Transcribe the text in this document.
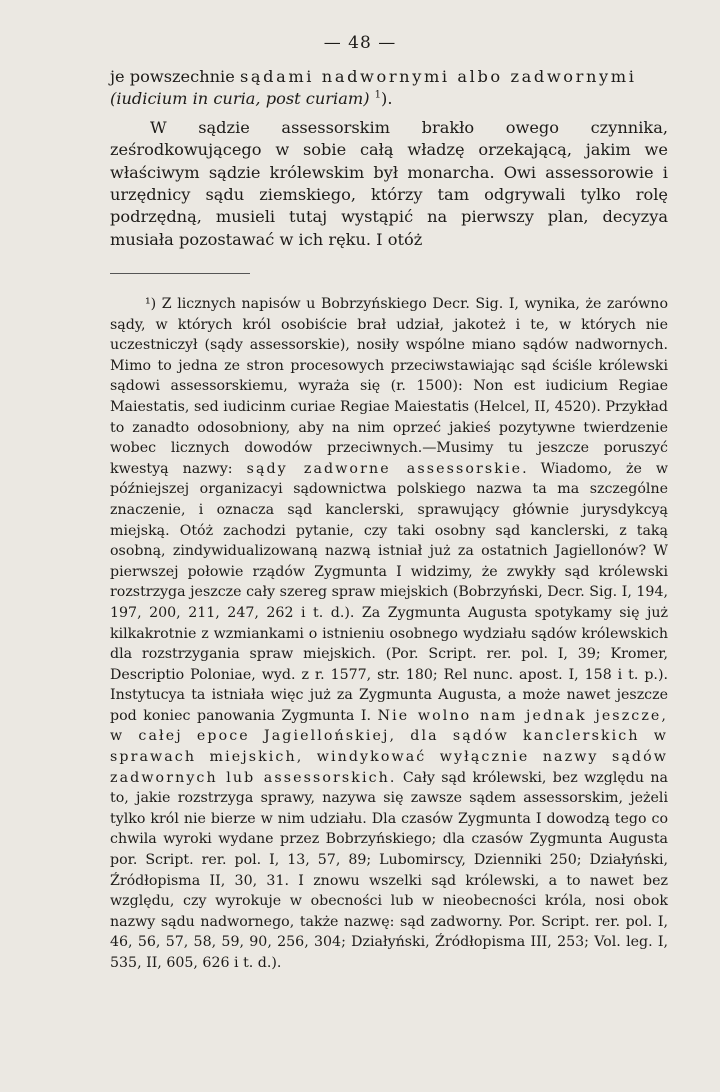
— 48 —

je powszechnie sądami nadwornymi albo zadwornymi
(iudicium in curia, post curiam) $^1$).

W sądzie assessorskim brakło owego czynnika, ześrodkowującego w sobie całą władzę orzekającą, jakim we właściwym sądzie królewskim był monarcha. Owi assessorowie i urzędnicy sądu ziemskiego, którzy tam odgrywali tylko rolę podrzędną, musieli tutaj wystąpić na pierwszy plan, decyzya musiała pozostawać w ich ręku. I otóż

¹) Z licznych napisów u Bobrzyńskiego Decr. Sig. I, wynika, że zarówno sądy, w których król osobiście brał udział, jakoteż i te, w których nie uczestniczył (sądy assessorskie), nosiły wspólne miano sądów nadwornych. Mimo to jedna ze stron procesowych przeciwstawiając sąd ściśle królewski sądowi assessorskiemu, wyraża się (r. 1500): Non est iudicium Regiae Maiestatis, sed iudicinm curiae Regiae Maiestatis (Helcel, II, 4520). Przykład to zanadto odosobniony, aby na nim oprzeć jakieś pozytywne twierdzenie wobec licznych dowodów przeciwnych.—Musimy tu jeszcze poruszyć kwestyą nazwy: sądy zadworne assessorskie. Wiadomo, że w późniejszej organizacyi sądownictwa polskiego nazwa ta ma szczególne znaczenie, i oznacza sąd kanclerski, sprawujący głównie jurysdykcyą miejską. Otóż zachodzi pytanie, czy taki osobny sąd kanclerski, z taką osobną, zindywidualizowaną nazwą istniał już za ostatnich Jagiellonów? W pierwszej połowie rządów Zygmunta I widzimy, że zwykły sąd królewski rozstrzyga jeszcze cały szereg spraw miejskich (Bobrzyński, Decr. Sig. I, 194, 197, 200, 211, 247, 262 i t. d.). Za Zygmunta Augusta spotykamy się już kilkakrotnie z wzmiankami o istnieniu osobnego wydziału sądów królewskich dla rozstrzygania spraw miejskich. (Por. Script. rer. pol. I, 39; Kromer, Descriptio Poloniae, wyd. z r. 1577, str. 180; Rel nunc. apost. I, 158 i t. p.). Instytucya ta istniała więc już za Zygmunta Augusta, a może nawet jeszcze pod koniec panowania Zygmunta I. Nie wolno nam jednak jeszcze, w całej epoce Jagiellońskiej, dla sądów kanclerskich w sprawach miejskich, windykować wyłącznie nazwy sądów zadwornych lub assessorskich. Cały sąd królewski, bez względu na to, jakie rozstrzyga sprawy, nazywa się zawsze sądem assessorskim, jeżeli tylko król nie bierze w nim udziału. Dla czasów Zygmunta I dowodzą tego co chwila wyroki wydane przez Bobrzyńskiego; dla czasów Zygmunta Augusta por. Script. rer. pol. I, 13, 57, 89; Lubomirscy, Dzienniki 250; Działyński, Źródłopisma II, 30, 31. I znowu wszelki sąd królewski, a to nawet bez względu, czy wyrokuje w obecności lub w nieobecności króla, nosi obok nazwy sądu nadwornego, także nazwę: sąd zadworny. Por. Script. rer. pol. I, 46, 56, 57, 58, 59, 90, 256, 304; Działyński, Źródłopisma III, 253; Vol. leg. I, 535, II, 605, 626 i t. d.).
